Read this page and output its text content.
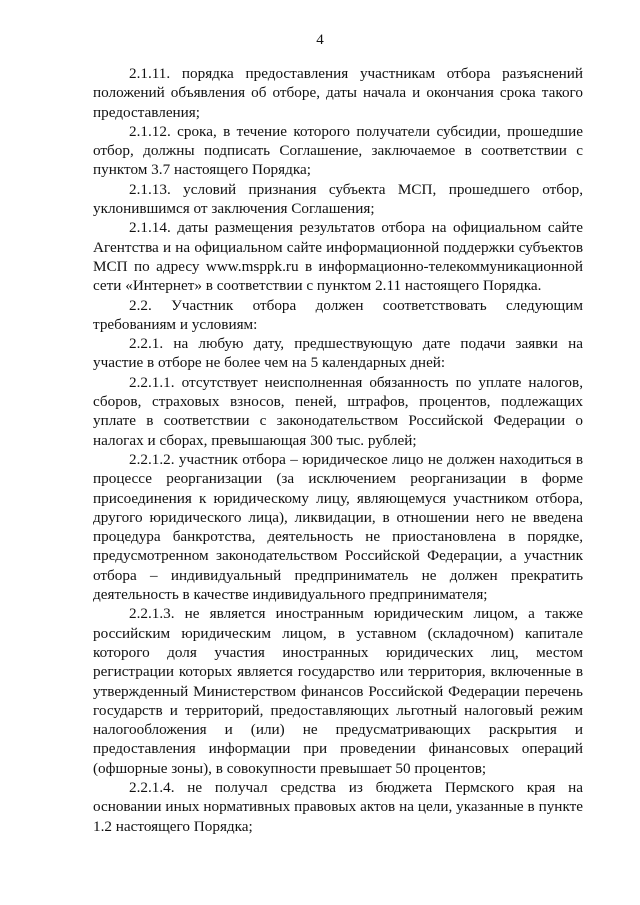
4

2.1.11. порядка предоставления участникам отбора разъяснений положений объявления об отборе, даты начала и окончания срока такого предоставления;

2.1.12. срока, в течение которого получатели субсидии, прошедшие отбор, должны подписать Соглашение, заключаемое в соответствии с пунктом 3.7 настоящего Порядка;

2.1.13. условий признания субъекта МСП, прошедшего отбор, уклонившимся от заключения Соглашения;

2.1.14. даты размещения результатов отбора на официальном сайте Агентства и на официальном сайте информационной поддержки субъектов МСП по адресу www.msppk.ru в информационно-телекоммуникационной сети «Интернет» в соответствии с пунктом 2.11 настоящего Порядка.

2.2. Участник отбора должен соответствовать следующим требованиям и условиям:

2.2.1. на любую дату, предшествующую дате подачи заявки на участие в отборе не более чем на 5 календарных дней:

2.2.1.1. отсутствует неисполненная обязанность по уплате налогов, сборов, страховых взносов, пеней, штрафов, процентов, подлежащих уплате в соответствии с законодательством Российской Федерации о налогах и сборах, превышающая 300 тыс. рублей;

2.2.1.2. участник отбора – юридическое лицо не должен находиться в процессе реорганизации (за исключением реорганизации в форме присоединения к юридическому лицу, являющемуся участником отбора, другого юридического лица), ликвидации, в отношении него не введена процедура банкротства, деятельность не приостановлена в порядке, предусмотренном законодательством Российской Федерации, а участник отбора – индивидуальный предприниматель не должен прекратить деятельность в качестве индивидуального предпринимателя;

2.2.1.3. не является иностранным юридическим лицом, а также российским юридическим лицом, в уставном (складочном) капитале которого доля участия иностранных юридических лиц, местом регистрации которых является государство или территория, включенные в утвержденный Министерством финансов Российской Федерации перечень государств и территорий, предоставляющих льготный налоговый режим налогообложения и (или) не предусматривающих раскрытия и предоставления информации при проведении финансовых операций (офшорные зоны), в совокупности превышает 50 процентов;

2.2.1.4. не получал средства из бюджета Пермского края на основании иных нормативных правовых актов на цели, указанные в пункте 1.2 настоящего Порядка;
